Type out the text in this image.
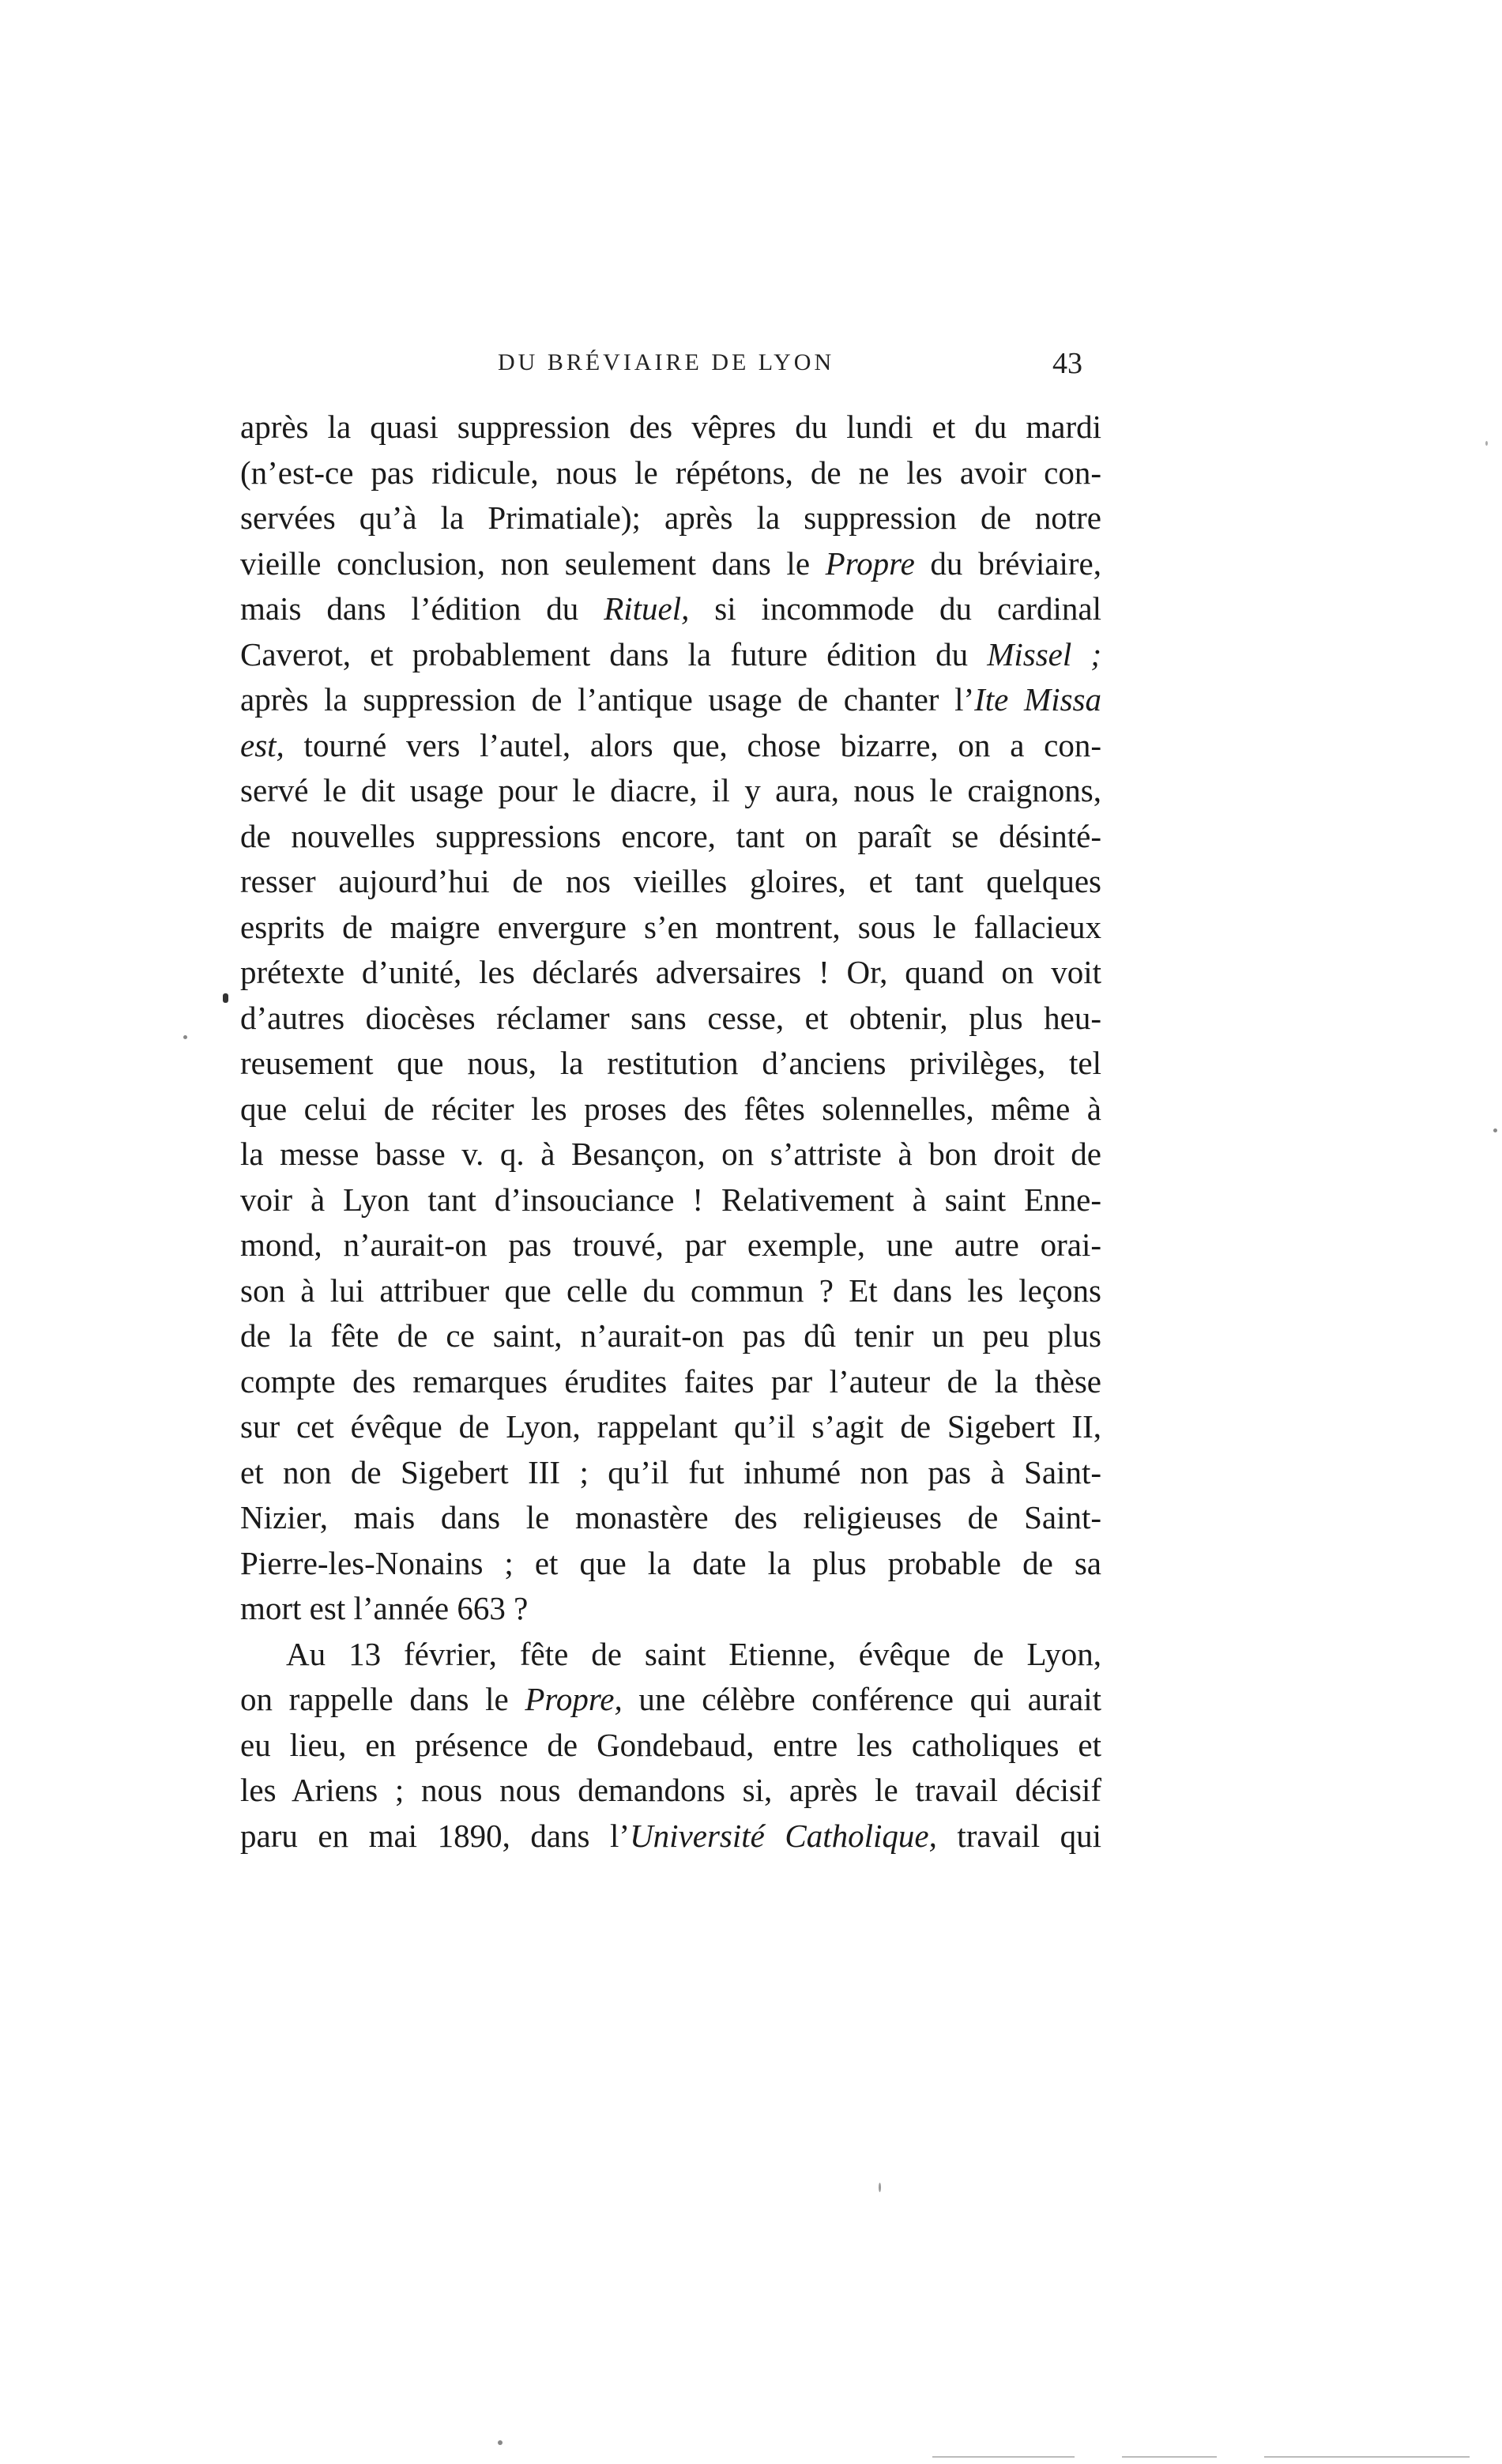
DU BRÉVIAIRE DE LYON	43
après la quasi suppression des vêpres du lundi et du mardi
(n’est-ce pas ridicule, nous le répétons, de ne les avoir con-
servées qu’à la Primatiale); après la suppression de notre
vieille conclusion, non seulement dans le Propre du bréviaire,
mais dans l’édition du Rituel, si incommode du cardinal
Caverot, et probablement dans la future édition du Missel ;
après la suppression de l’antique usage de chanter l’Ite Missa
est, tourné vers l’autel, alors que, chose bizarre, on a con-
servé le dit usage pour le diacre, il y aura, nous le craignons,
de nouvelles suppressions encore, tant on paraît se désinté-
resser aujourd’hui de nos vieilles gloires, et tant quelques
esprits de maigre envergure s’en montrent, sous le fallacieux
prétexte d’unité, les déclarés adversaires ! Or, quand on voit
d’autres diocèses réclamer sans cesse, et obtenir, plus heu-
reusement que nous, la restitution d’anciens privilèges, tel
que celui de réciter les proses des fêtes solennelles, même à
la messe basse v. q. à Besançon, on s’attriste à bon droit de
voir à Lyon tant d’insouciance ! Relativement à saint Enne-
mond, n’aurait-on pas trouvé, par exemple, une autre orai-
son à lui attribuer que celle du commun ? Et dans les leçons
de la fête de ce saint, n’aurait-on pas dû tenir un peu plus
compte des remarques érudites faites par l’auteur de la thèse
sur cet évêque de Lyon, rappelant qu’il s’agit de Sigebert II,
et non de Sigebert III ; qu’il fut inhumé non pas à Saint-
Nizier, mais dans le monastère des religieuses de Saint-
Pierre-les-Nonains ; et que la date la plus probable de sa
mort est l’année 663 ?
Au 13 février, fête de saint Etienne, évêque de Lyon,
on rappelle dans le Propre, une célèbre conférence qui aurait
eu lieu, en présence de Gondebaud, entre les catholiques et
les Ariens ; nous nous demandons si, après le travail décisif
paru en mai 1890, dans l’Université Catholique, travail qui
